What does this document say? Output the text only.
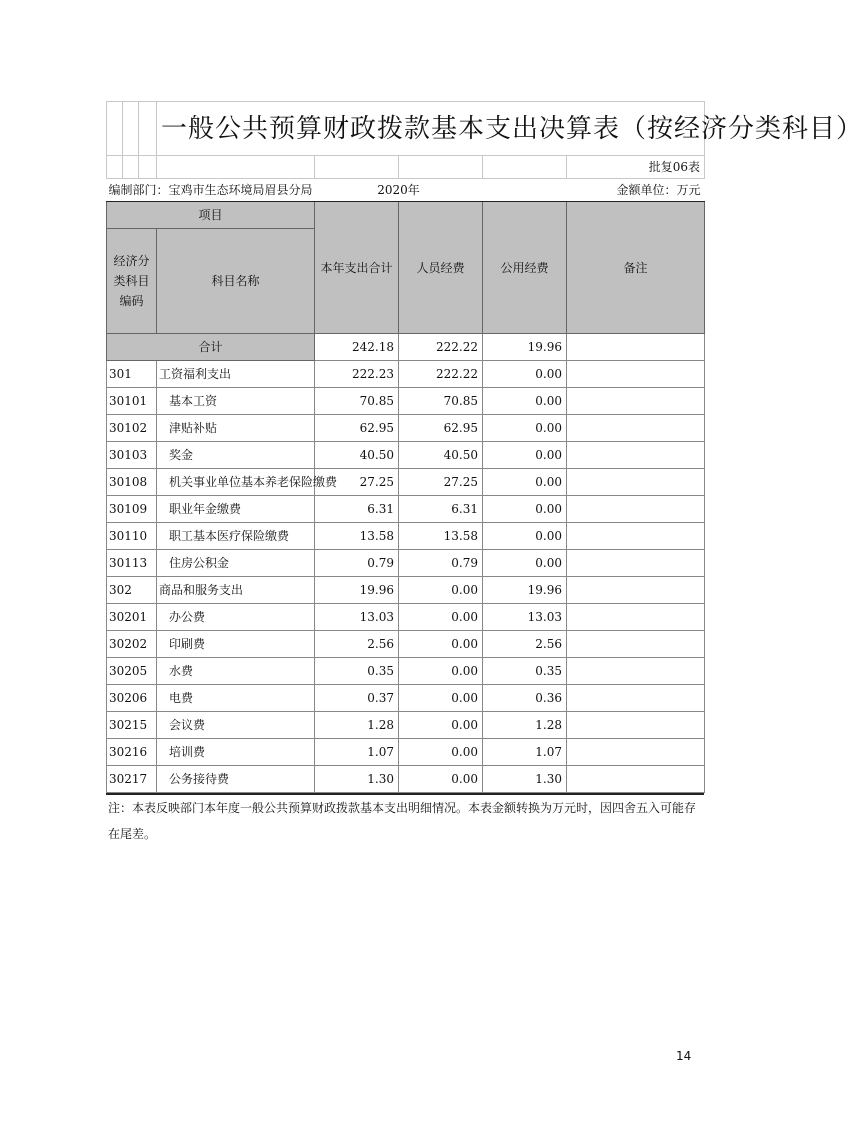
			一般公共预算财政拨款基本支出决算表（按经济分类科目）				
							批复06表
编制部门：宝鸡市生态环境局眉县分局				2020年			金额单位：万元
项目				本年支出合计	人员经费	公用经费	备注
经济分类科目编码			科目名称				
合计				242.18	222.22	19.96	
301			工资福利支出	222.23	222.22	0.00	
30101			基本工资	70.85	70.85	0.00	
30102			津贴补贴	62.95	62.95	0.00	
30103			奖金	40.50	40.50	0.00	
30108			机关事业单位基本养老保险缴费	27.25	27.25	0.00	
30109			职业年金缴费	6.31	6.31	0.00	
30110			职工基本医疗保险缴费	13.58	13.58	0.00	
30113			住房公积金	0.79	0.79	0.00	
302			商品和服务支出	19.96	0.00	19.96	
30201			办公费	13.03	0.00	13.03	
30202			印刷费	2.56	0.00	2.56	
30205			水费	0.35	0.00	0.35	
30206			电费	0.37	0.00	0.36	
30215			会议费	1.28	0.00	1.28	
30216			培训费	1.07	0.00	1.07	
30217			公务接待费	1.30	0.00	1.30	
注：本表反映部门本年度一般公共预算财政拨款基本支出明细情况。本表金额转换为万元时，因四舍五入可能存在尾差。
14
